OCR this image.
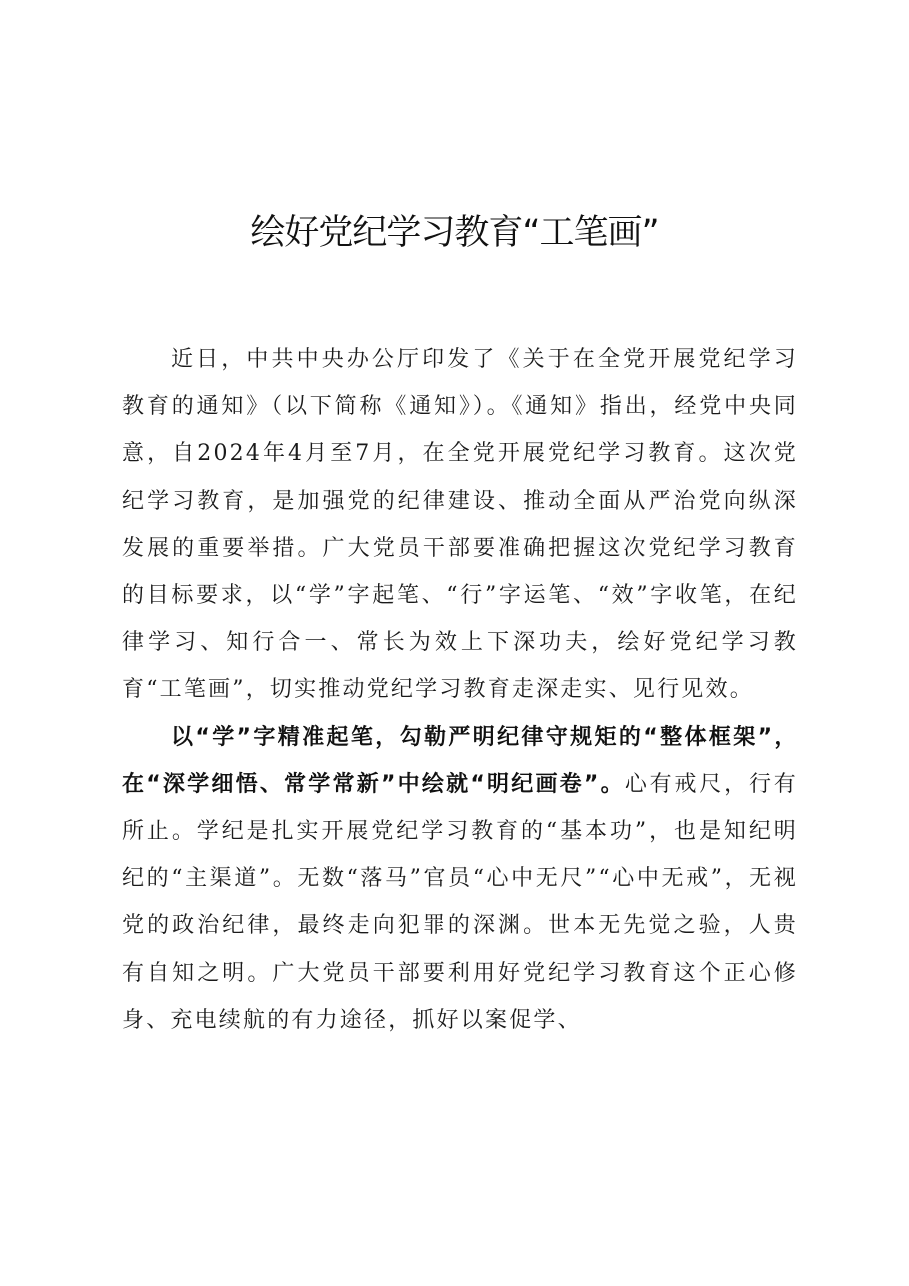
绘好党纪学习教育“工笔画”

近日，中共中央办公厅印发了《关于在全党开展党纪学习教育的通知》（以下简称《通知》）。《通知》指出，经党中央同意，自2024年4月至7月，在全党开展党纪学习教育。这次党纪学习教育，是加强党的纪律建设、推动全面从严治党向纵深发展的重要举措。广大党员干部要准确把握这次党纪学习教育的目标要求，以“学”字起笔、“行”字运笔、“效”字收笔，在纪律学习、知行合一、常长为效上下深功夫，绘好党纪学习教育“工笔画”，切实推动党纪学习教育走深走实、见行见效。

以“学”字精准起笔，勾勒严明纪律守规矩的“整体框架”，在“深学细悟、常学常新”中绘就“明纪画卷”。心有戒尺，行有所止。学纪是扎实开展党纪学习教育的“基本功”，也是知纪明纪的“主渠道”。无数“落马”官员“心中无尺”“心中无戒”，无视党的政治纪律，最终走向犯罪的深渊。世本无先觉之验，人贵有自知之明。广大党员干部要利用好党纪学习教育这个正心修身、充电续航的有力途径，抓好以案促学、
